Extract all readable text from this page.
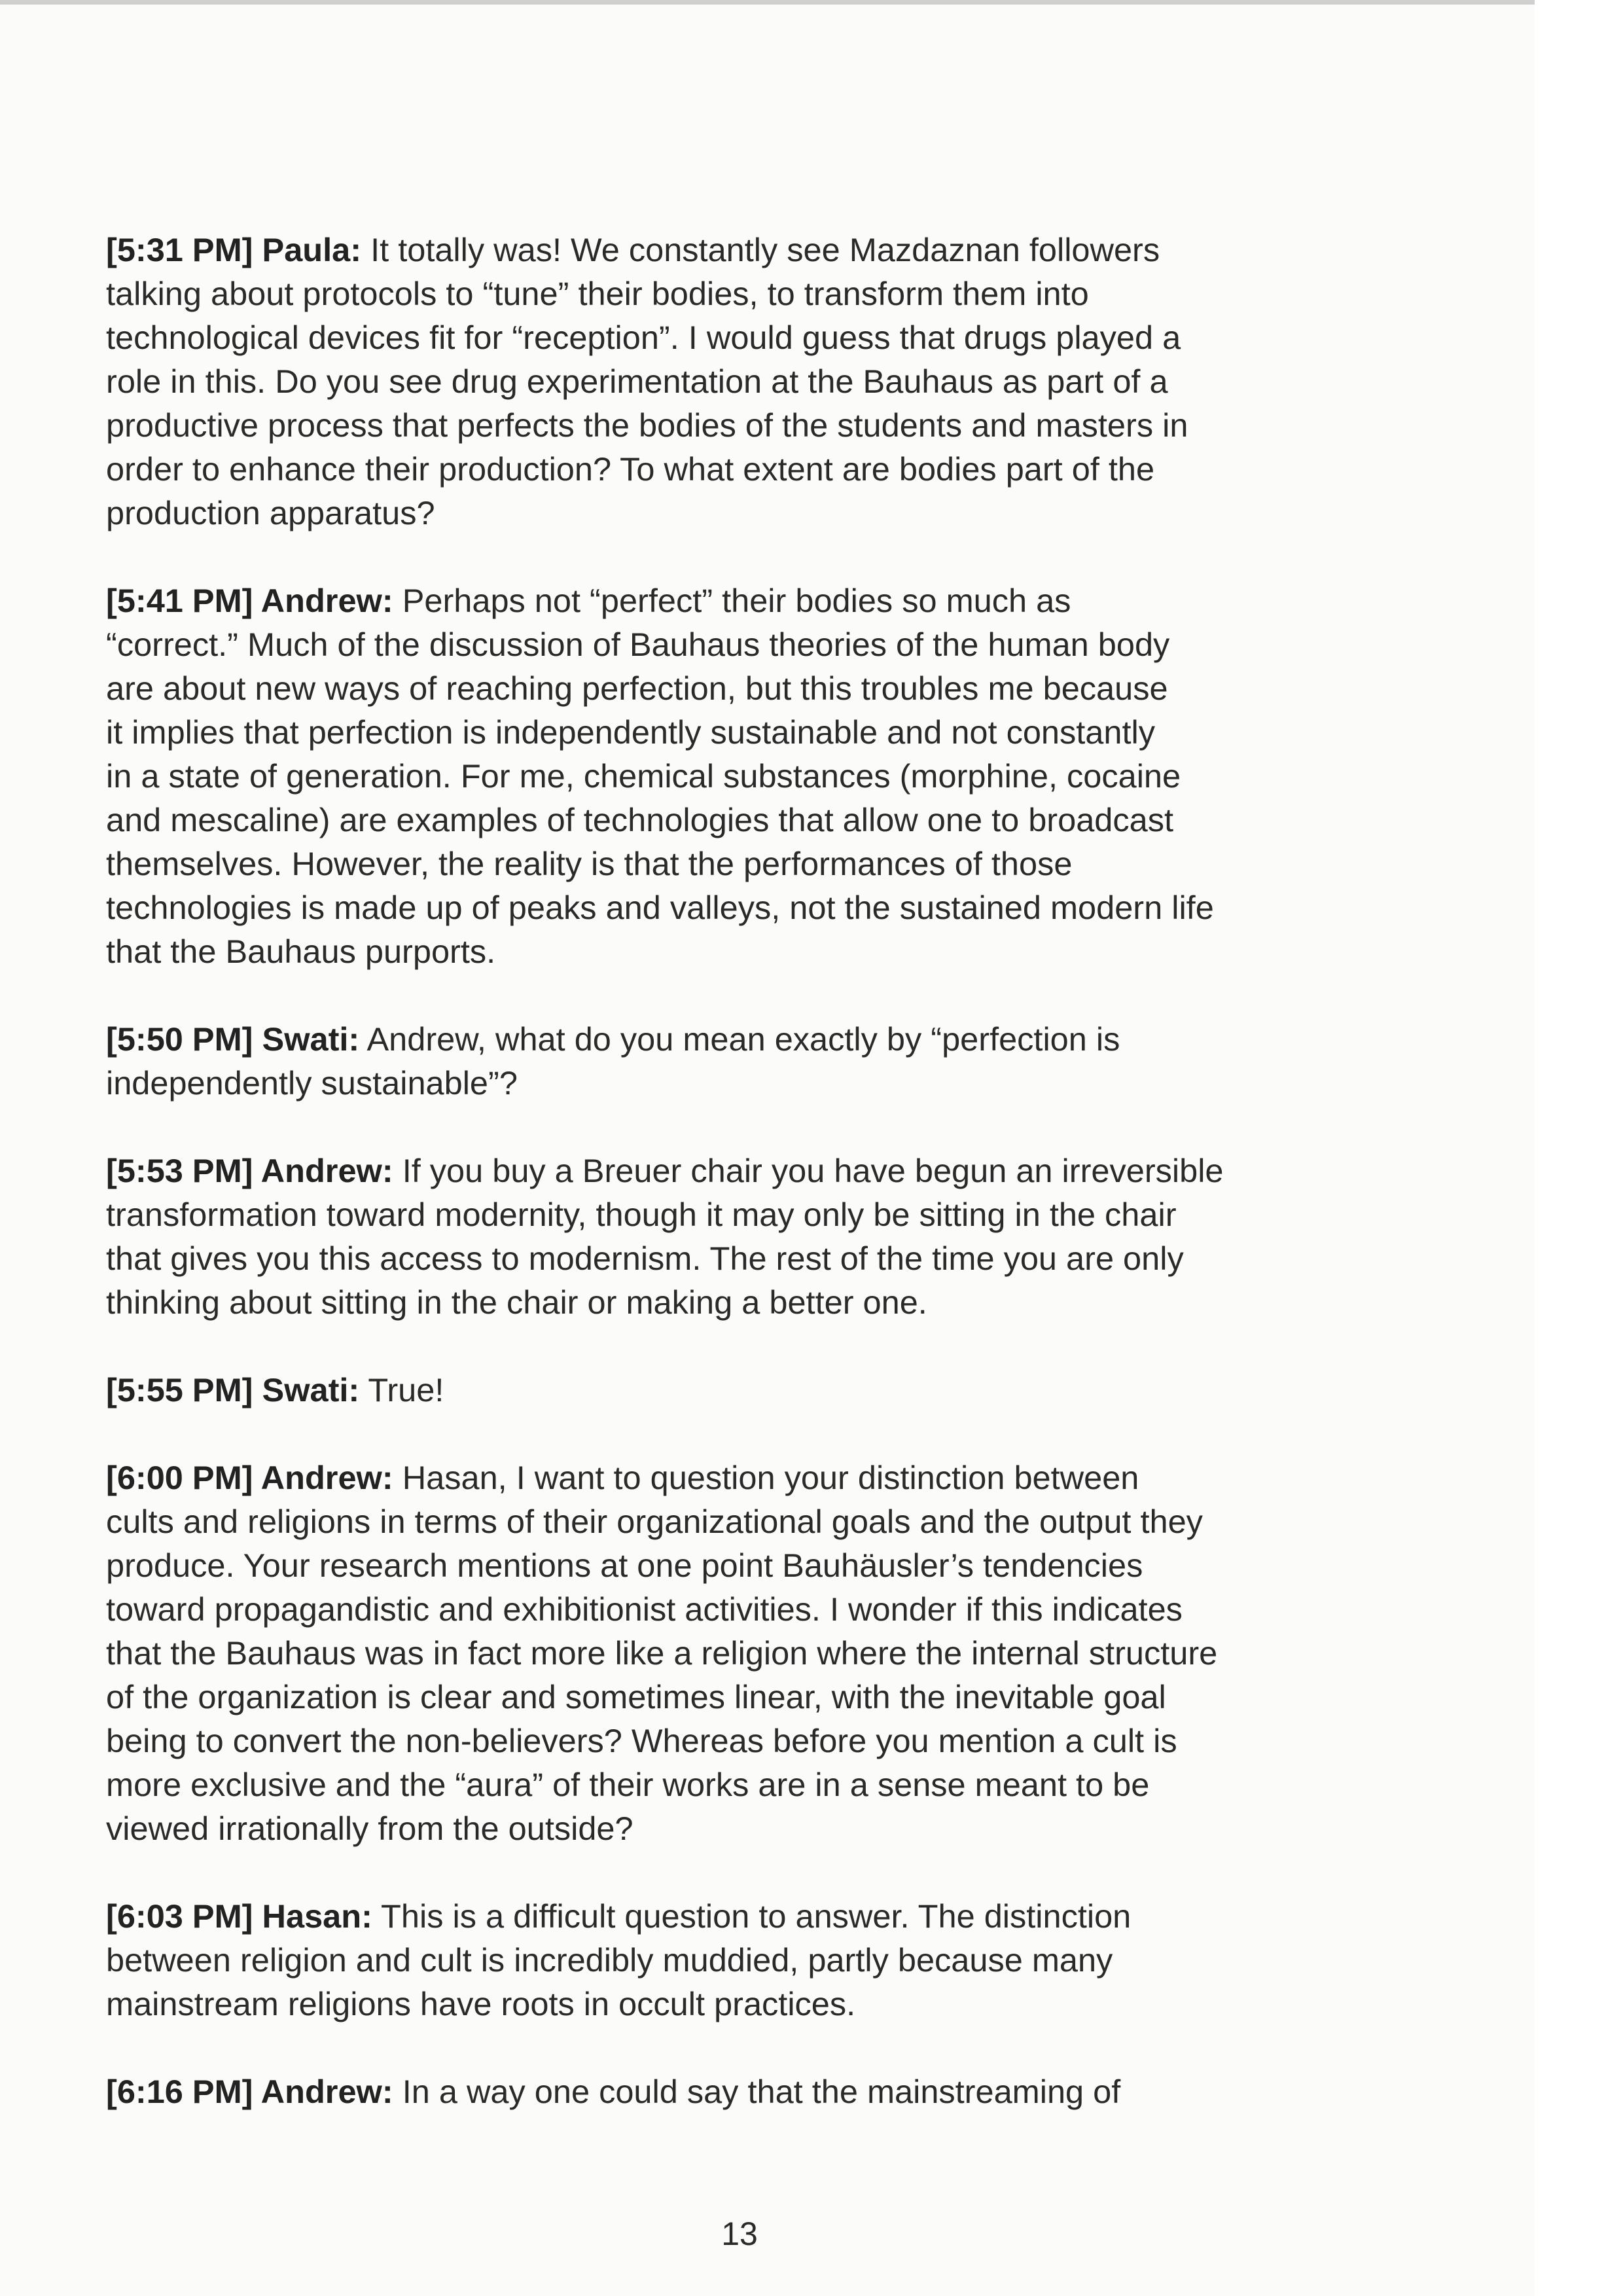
[5:31 PM] Paula: It totally was! We constantly see Mazdaznan followers
talking about protocols to “tune” their bodies, to transform them into
technological devices fit for “reception”. I would guess that drugs played a
role in this. Do you see drug experimentation at the Bauhaus as part of a
productive process that perfects the bodies of the students and masters in
order to enhance their production? To what extent are bodies part of the
production apparatus?

[5:41 PM] Andrew: Perhaps not “perfect” their bodies so much as
“correct.” Much of the discussion of Bauhaus theories of the human body
are about new ways of reaching perfection, but this troubles me because
it implies that perfection is independently sustainable and not constantly
in a state of generation. For me, chemical substances (morphine, cocaine
and mescaline) are examples of technologies that allow one to broadcast
themselves. However, the reality is that the performances of those
technologies is made up of peaks and valleys, not the sustained modern life
that the Bauhaus purports.

[5:50 PM] Swati: Andrew, what do you mean exactly by “perfection is
independently sustainable”?

[5:53 PM] Andrew: If you buy a Breuer chair you have begun an irreversible
transformation toward modernity, though it may only be sitting in the chair
that gives you this access to modernism. The rest of the time you are only
thinking about sitting in the chair or making a better one.

[5:55 PM] Swati: True!

[6:00 PM] Andrew: Hasan, I want to question your distinction between
cults and religions in terms of their organizational goals and the output they
produce. Your research mentions at one point Bauhäusler’s tendencies
toward propagandistic and exhibitionist activities. I wonder if this indicates
that the Bauhaus was in fact more like a religion where the internal structure
of the organization is clear and sometimes linear, with the inevitable goal
being to convert the non-believers? Whereas before you mention a cult is
more exclusive and the “aura” of their works are in a sense meant to be
viewed irrationally from the outside?

[6:03 PM] Hasan: This is a difficult question to answer. The distinction
between religion and cult is incredibly muddied, partly because many
mainstream religions have roots in occult practices.

[6:16 PM] Andrew: In a way one could say that the mainstreaming of

13
